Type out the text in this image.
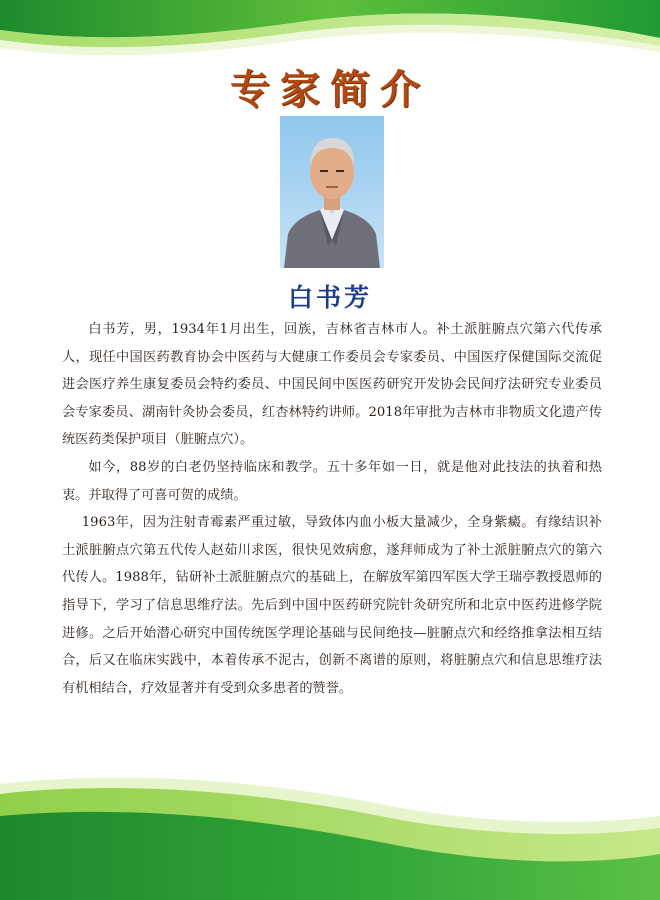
专家简介
白书芳

白书芳，男，1934年1月出生，回族，吉林省吉林市人。补土派脏腑点穴第六代传承人，现任中国医药教育协会中医药与大健康工作委员会专家委员、中国医疗保健国际交流促进会医疗养生康复委员会特约委员、中国民间中医医药研究开发协会民间疗法研究专业委员会专家委员、湖南针灸协会委员，红杏林特约讲师。2018年审批为吉林市非物质文化遗产传统医药类保护项目（脏腑点穴）。

如今，88岁的白老仍坚持临床和教学。五十多年如一日，就是他对此技法的执着和热衷。并取得了可喜可贺的成绩。

1963年，因为注射青霉素严重过敏，导致体内血小板大量减少，全身紫癜。有缘结识补土派脏腑点穴第五代传人赵茹川求医，很快见效病愈，遂拜师成为了补土派脏腑点穴的第六代传人。1988年，钻研补土派脏腑点穴的基础上，在解放军第四军医大学王瑞亭教授恩师的指导下，学习了信息思维疗法。先后到中国中医药研究院针灸研究所和北京中医药进修学院进修。之后开始潜心研究中国传统医学理论基础与民间绝技—脏腑点穴和经络推拿法相互结合，后又在临床实践中，本着传承不泥古，创新不离谱的原则，将脏腑点穴和信息思维疗法有机相结合，疗效显著并有受到众多患者的赞誉。
